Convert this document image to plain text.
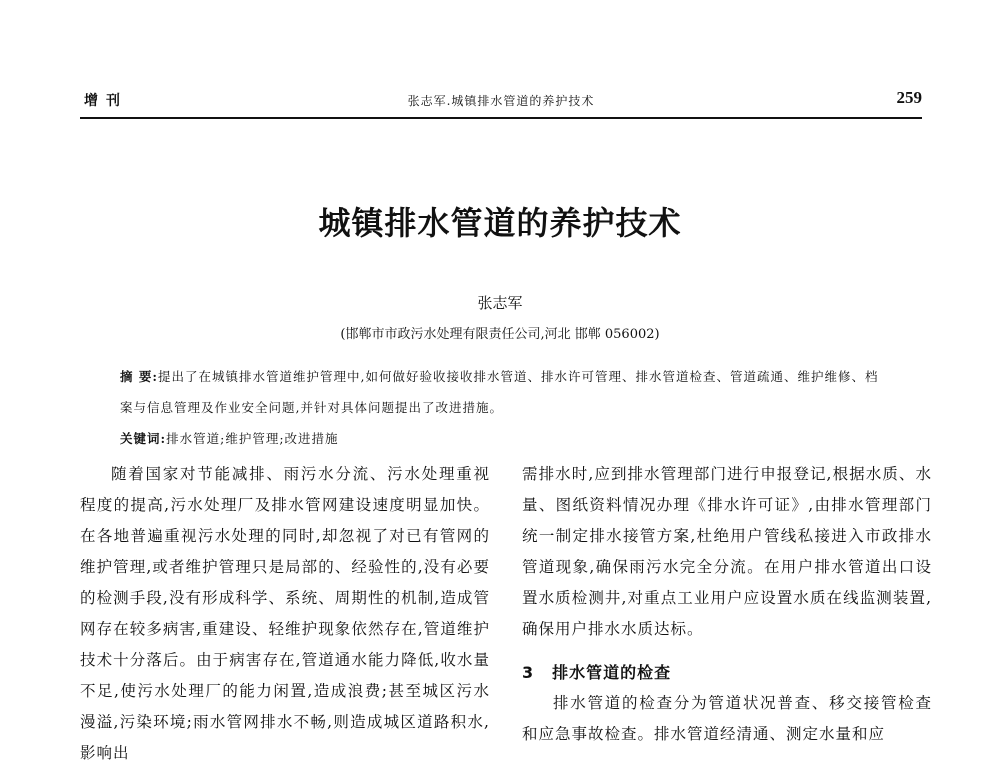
增刊	张志军.城镇排水管道的养护技术	259
城镇排水管道的养护技术
张志军
(邯郸市市政污水处理有限责任公司,河北 邯郸 056002)

摘 要:提出了在城镇排水管道维护管理中,如何做好验收接收排水管道、排水许可管理、排水管道检查、管道疏通、维护维修、档案与信息管理及作业安全问题,并针对具体问题提出了改进措施。

关键词:排水管道;维护管理;改进措施

随着国家对节能减排、雨污水分流、污水处理重视程度的提高,污水处理厂及排水管网建设速度明显加快。在各地普遍重视污水处理的同时,却忽视了对已有管网的维护管理,或者维护管理只是局部的、经验性的,没有必要的检测手段,没有形成科学、系统、周期性的机制,造成管网存在较多病害,重建设、轻维护现象依然存在,管道维护技术十分落后。由于病害存在,管道通水能力降低,收水量不足,使污水处理厂的能力闲置,造成浪费;甚至城区污水漫溢,污染环境;雨水管网排水不畅,则造成城区道路积水,影响出

需排水时,应到排水管理部门进行申报登记,根据水质、水量、图纸资料情况办理《排水许可证》,由排水管理部门统一制定排水接管方案,杜绝用户管线私接进入市政排水管道现象,确保雨污水完全分流。在用户排水管道出口设置水质检测井,对重点工业用户应设置水质在线监测装置,确保用户排水水质达标。

3 排水管道的检查

排水管道的检查分为管道状况普查、移交接管检查和应急事故检查。排水管道经清通、测定水量和应
